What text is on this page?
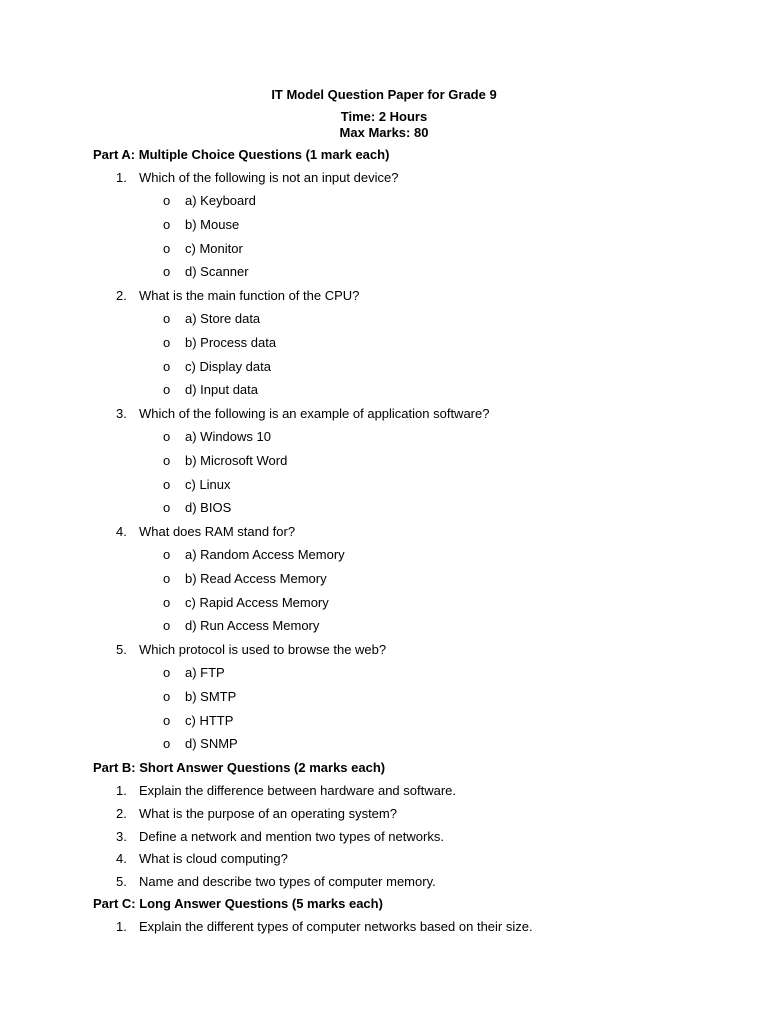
IT Model Question Paper for Grade 9
Time: 2 Hours
Max Marks: 80
Part A: Multiple Choice Questions (1 mark each)
1. Which of the following is not an input device?
o a) Keyboard
o b) Mouse
o c) Monitor
o d) Scanner
2. What is the main function of the CPU?
o a) Store data
o b) Process data
o c) Display data
o d) Input data
3. Which of the following is an example of application software?
o a) Windows 10
o b) Microsoft Word
o c) Linux
o d) BIOS
4. What does RAM stand for?
o a) Random Access Memory
o b) Read Access Memory
o c) Rapid Access Memory
o d) Run Access Memory
5. Which protocol is used to browse the web?
o a) FTP
o b) SMTP
o c) HTTP
o d) SNMP
Part B: Short Answer Questions (2 marks each)
1. Explain the difference between hardware and software.
2. What is the purpose of an operating system?
3. Define a network and mention two types of networks.
4. What is cloud computing?
5. Name and describe two types of computer memory.
Part C: Long Answer Questions (5 marks each)
1. Explain the different types of computer networks based on their size.
